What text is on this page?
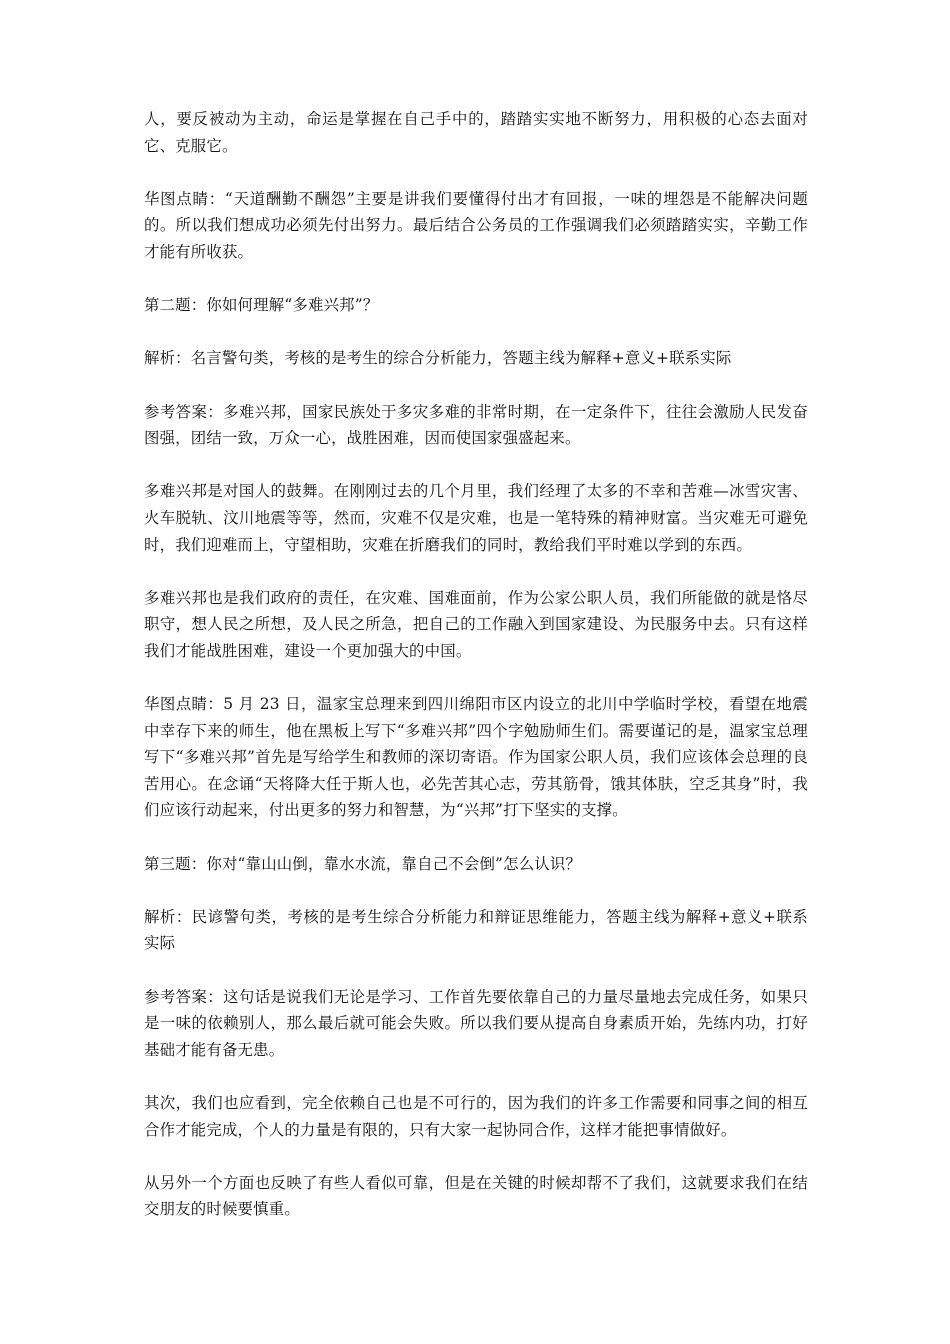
人，要反被动为主动，命运是掌握在自己手中的，踏踏实实地不断努力，用积极的心态去面对它、克服它。

华图点睛：“天道酬勤不酬怨”主要是讲我们要懂得付出才有回报，一味的埋怨是不能解决问题的。所以我们想成功必须先付出努力。最后结合公务员的工作强调我们必须踏踏实实，辛勤工作才能有所收获。

第二题：你如何理解“多难兴邦”？

解析：名言警句类，考核的是考生的综合分析能力，答题主线为解释+意义+联系实际

参考答案：多难兴邦，国家民族处于多灾多难的非常时期，在一定条件下，往往会激励人民发奋图强，团结一致，万众一心，战胜困难，因而使国家强盛起来。

多难兴邦是对国人的鼓舞。在刚刚过去的几个月里，我们经理了太多的不幸和苦难—冰雪灾害、火车脱轨、汶川地震等等，然而，灾难不仅是灾难，也是一笔特殊的精神财富。当灾难无可避免时，我们迎难而上，守望相助，灾难在折磨我们的同时，教给我们平时难以学到的东西。

多难兴邦也是我们政府的责任，在灾难、国难面前，作为公家公职人员，我们所能做的就是恪尽职守，想人民之所想，及人民之所急，把自己的工作融入到国家建设、为民服务中去。只有这样我们才能战胜困难，建设一个更加强大的中国。

华图点睛：5 月 23 日，温家宝总理来到四川绵阳市区内设立的北川中学临时学校，看望在地震中幸存下来的师生，他在黑板上写下“多难兴邦”四个字勉励师生们。需要谨记的是，温家宝总理写下“多难兴邦”首先是写给学生和教师的深切寄语。作为国家公职人员，我们应该体会总理的良苦用心。在念诵“天将降大任于斯人也，必先苦其心志，劳其筋骨，饿其体肤，空乏其身”时，我们应该行动起来，付出更多的努力和智慧，为“兴邦”打下坚实的支撑。

第三题：你对“靠山山倒，靠水水流，靠自己不会倒”怎么认识？

解析：民谚警句类，考核的是考生综合分析能力和辩证思维能力，答题主线为解释+意义+联系实际

参考答案：这句话是说我们无论是学习、工作首先要依靠自己的力量尽量地去完成任务，如果只是一味的依赖别人，那么最后就可能会失败。所以我们要从提高自身素质开始，先练内功，打好基础才能有备无患。

其次，我们也应看到，完全依赖自己也是不可行的，因为我们的许多工作需要和同事之间的相互合作才能完成，个人的力量是有限的，只有大家一起协同合作，这样才能把事情做好。

从另外一个方面也反映了有些人看似可靠，但是在关键的时候却帮不了我们，这就要求我们在结交朋友的时候要慎重。
